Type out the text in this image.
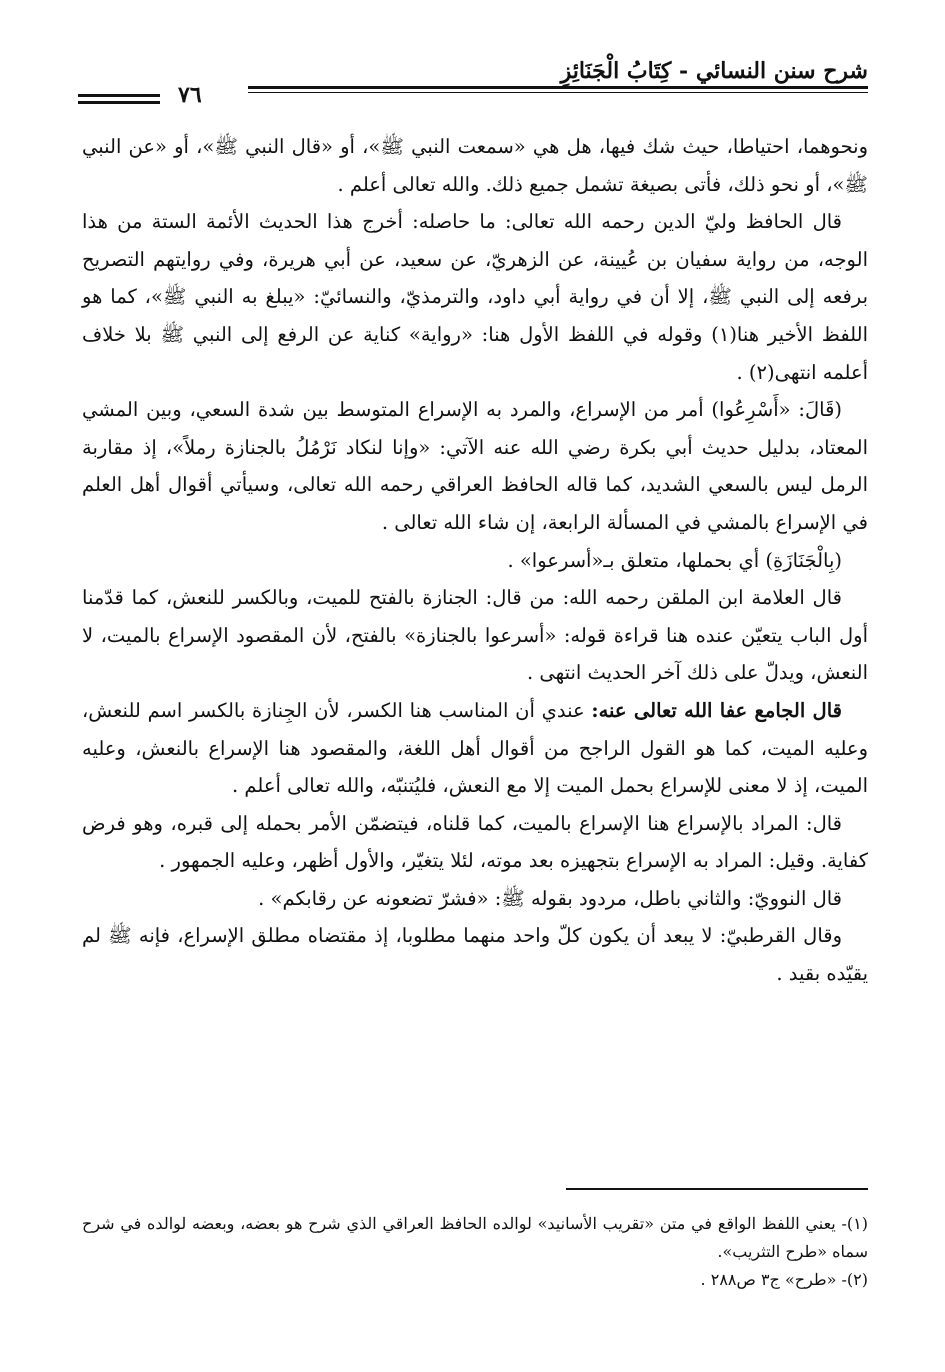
شرح سنن النسائي - كِتَابُ الْجَنَائِزِ
٧٦

ونحوهما، احتياطا، حيث شك فيها، هل هي «سمعت النبي ﷺ»، أو «قال النبي ﷺ»، أو «عن النبي ﷺ»، أو نحو ذلك، فأتى بصيغة تشمل جميع ذلك. والله تعالى أعلم .

قال الحافظ وليّ الدين رحمه الله تعالى: ما حاصله: أخرج هذا الحديث الأئمة الستة من هذا الوجه، من رواية سفيان بن عُيينة، عن الزهريّ، عن سعيد، عن أبي هريرة، وفي روايتهم التصريح برفعه إلى النبي ﷺ، إلا أن في رواية أبي داود، والترمذيّ، والنسائيّ: «يبلغ به النبي ﷺ»، كما هو اللفظ الأخير هنا(١) وقوله في اللفظ الأول هنا: «رواية» كناية عن الرفع إلى النبي ﷺ بلا خلاف أعلمه انتهى(٢) .

(قَالَ: «أَسْرِعُوا) أمر من الإسراع، والمرد به الإسراع المتوسط بين شدة السعي، وبين المشي المعتاد، بدليل حديث أبي بكرة رضي الله عنه الآتي: «وإنا لنكاد نَرْمُلُ بالجنازة رملاً»، إذ مقاربة الرمل ليس بالسعي الشديد، كما قاله الحافظ العراقي رحمه الله تعالى، وسيأتي أقوال أهل العلم في الإسراع بالمشي في المسألة الرابعة، إن شاء الله تعالى .

(بِالْجَنَازَةِ) أي بحملها، متعلق بـ«أسرعوا» .

قال العلامة ابن الملقن رحمه الله: من قال: الجنازة بالفتح للميت، وبالكسر للنعش، كما قدّمنا أول الباب يتعيّن عنده هنا قراءة قوله: «أسرعوا بالجنازة» بالفتح، لأن المقصود الإسراع بالميت، لا النعش، ويدلّ على ذلك آخر الحديث انتهى .

قال الجامع عفا الله تعالى عنه: عندي أن المناسب هنا الكسر، لأن الجِنازة بالكسر اسم للنعش، وعليه الميت، كما هو القول الراجح من أقوال أهل اللغة، والمقصود هنا الإسراع بالنعش، وعليه الميت، إذ لا معنى للإسراع بحمل الميت إلا مع النعش، فليُتنبّه، والله تعالى أعلم .

قال: المراد بالإسراع هنا الإسراع بالميت، كما قلناه، فيتضمّن الأمر بحمله إلى قبره، وهو فرض كفاية. وقيل: المراد به الإسراع بتجهيزه بعد موته، لئلا يتغيّر، والأول أظهر، وعليه الجمهور .

قال النوويّ: والثاني باطل، مردود بقوله ﷺ: «فشرّ تضعونه عن رقابكم» .

وقال القرطبيّ: لا يبعد أن يكون كلّ واحد منهما مطلوبا، إذ مقتضاه مطلق الإسراع، فإنه ﷺ لم يقيّده بقيد .

(١)- يعني اللفظ الواقع في متن «تقريب الأسانيد» لوالده الحافظ العراقي الذي شرح هو بعضه، وبعضه لوالده في شرح سماه «طرح التثريب».

(٢)- «طرح» ج٣ ص٢٨٨ .
